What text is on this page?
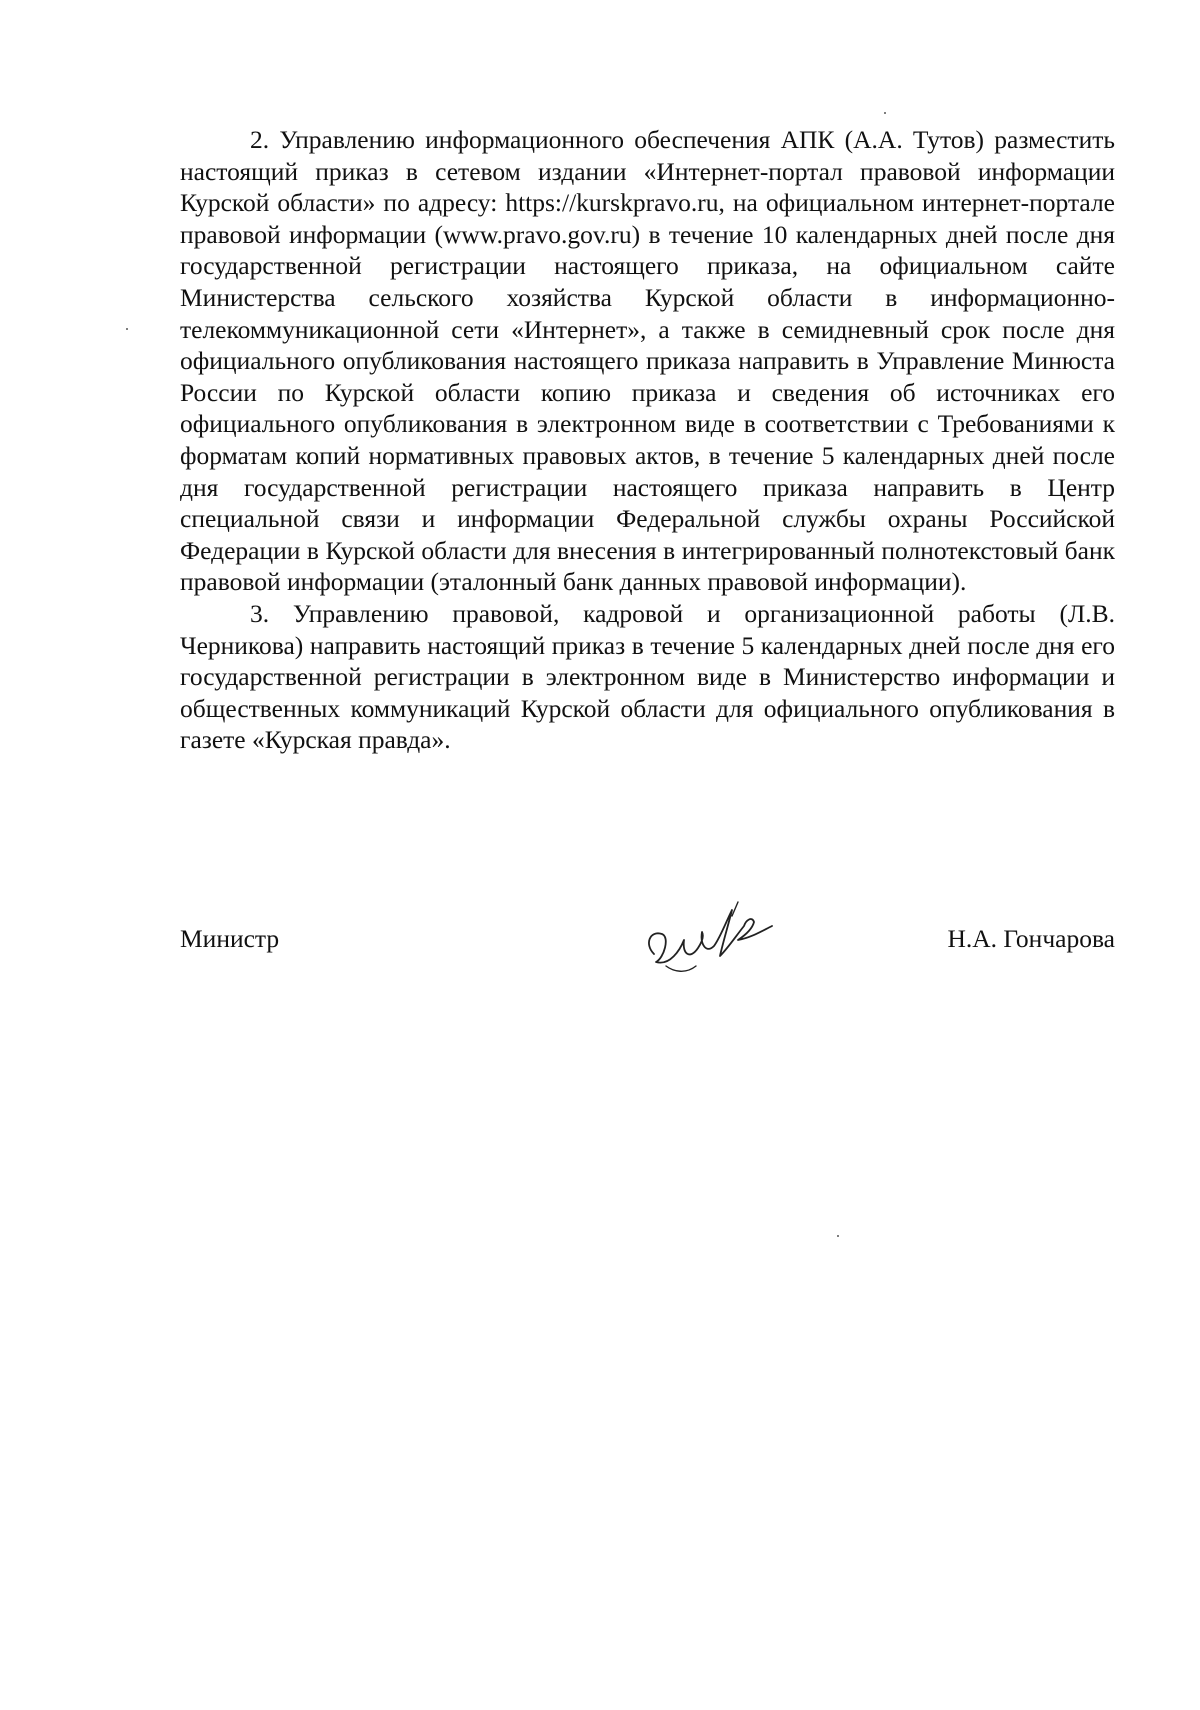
2. Управлению информационного обеспечения АПК (А.А. Тутов) разместить настоящий приказ в сетевом издании «Интернет-портал правовой информации Курской области» по адресу: https://kurskpravo.ru, на официальном интернет-портале правовой информации (www.pravo.gov.ru) в течение 10 календарных дней после дня государственной регистрации настоящего приказа, на официальном сайте Министерства сельского хозяйства Курской области в информационно-телекоммуникационной сети «Интернет», а также в семидневный срок после дня официального опубликования настоящего приказа направить в Управление Минюста России по Курской области копию приказа и сведения об источниках его официального опубликования в электронном виде в соответствии с Требованиями к форматам копий нормативных правовых актов, в течение 5 календарных дней после дня государственной регистрации настоящего приказа направить в Центр специальной связи и информации Федеральной службы охраны Российской Федерации в Курской области для внесения в интегрированный полнотекстовый банк правовой информации (эталонный банк данных правовой информации).

3. Управлению правовой, кадровой и организационной работы (Л.В. Черникова) направить настоящий приказ в течение 5 календарных дней после дня его государственной регистрации в электронном виде в Министерство информации и общественных коммуникаций Курской области для официального опубликования в газете «Курская правда».

Министр	Н.А. Гончарова
